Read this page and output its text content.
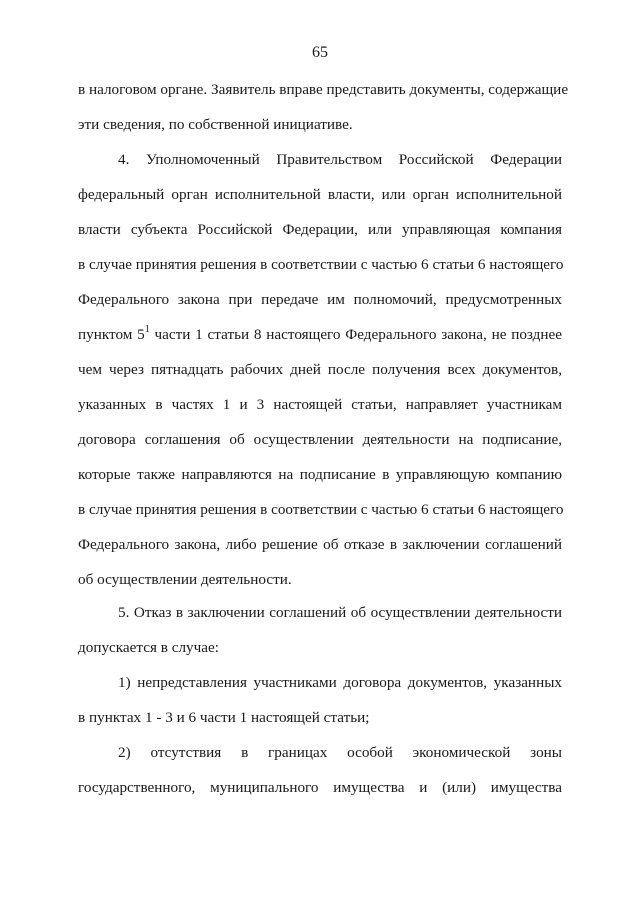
65
в налоговом органе. Заявитель вправе представить документы, содержащие
эти сведения, по собственной инициативе.
4. Уполномоченный Правительством Российской Федерации
федеральный орган исполнительной власти, или орган исполнительной
власти субъекта Российской Федерации, или управляющая компания
в случае принятия решения в соответствии с частью 6 статьи 6 настоящего
Федерального закона при передаче им полномочий, предусмотренных
пунктом $5^1$ части 1 статьи 8 настоящего Федерального закона, не позднее
чем через пятнадцать рабочих дней после получения всех документов,
указанных в частях 1 и 3 настоящей статьи, направляет участникам
договора соглашения об осуществлении деятельности на подписание,
которые также направляются на подписание в управляющую компанию
в случае принятия решения в соответствии с частью 6 статьи 6 настоящего
Федерального закона, либо решение об отказе в заключении соглашений
об осуществлении деятельности.
5. Отказ в заключении соглашений об осуществлении деятельности
допускается в случае:
1) непредставления участниками договора документов, указанных
в пунктах 1 - 3 и 6 части 1 настоящей статьи;
2) отсутствия в границах особой экономической зоны
государственного, муниципального имущества и (или) имущества
